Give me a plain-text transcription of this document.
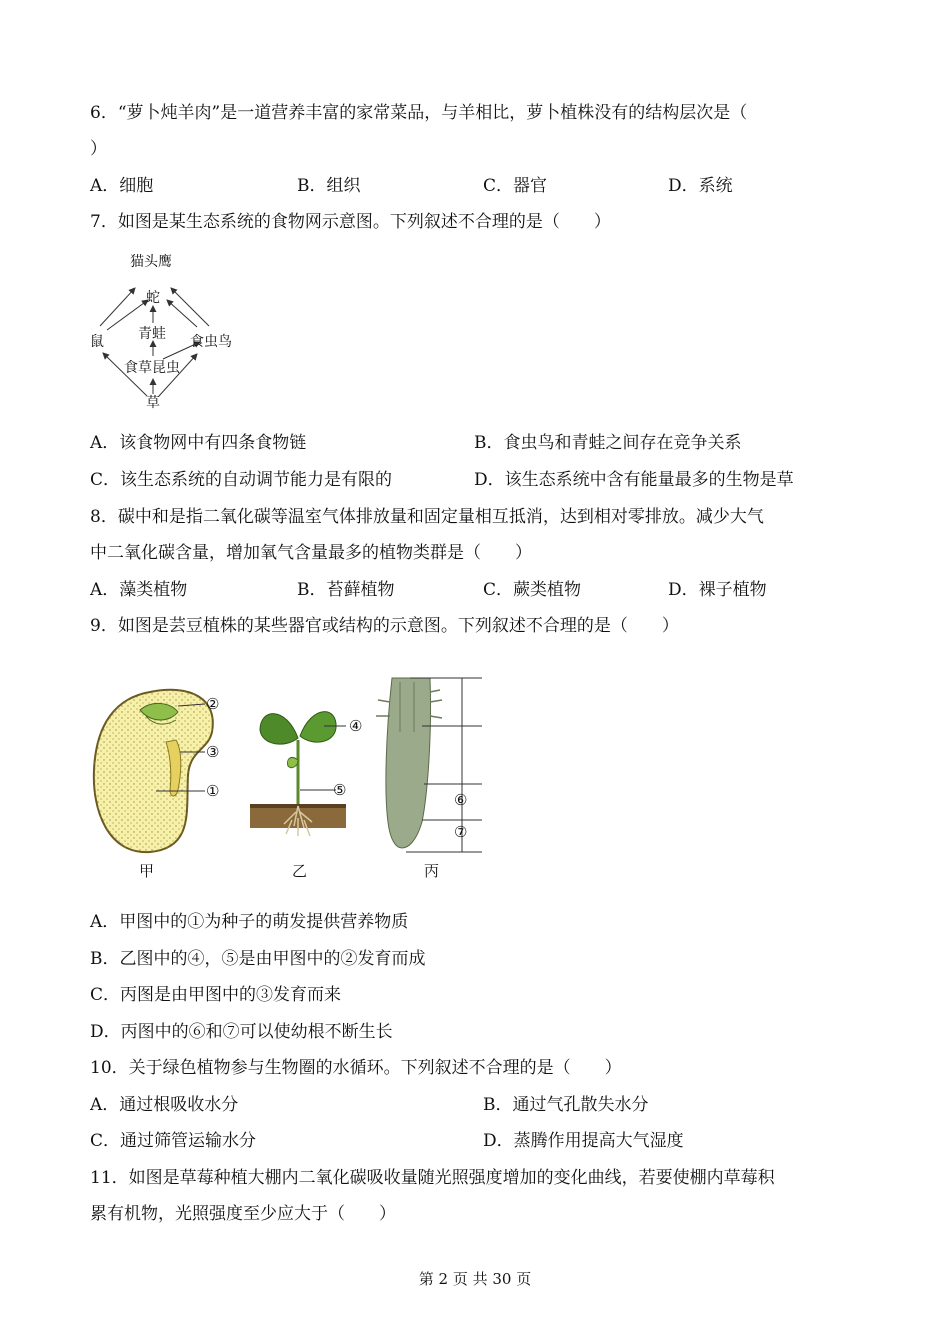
6．“萝卜炖羊肉”是一道营养丰富的家常菜品，与羊相比，萝卜植株没有的结构层次是（
）
A．细胞	B．组织	C．器官	D．系统
7．如图是某生态系统的食物网示意图。下列叙述不合理的是（　　）
猫头鹰
蛇
鼠 青蛙 食虫鸟
食草昆虫
草
A．该食物网中有四条食物链	B．食虫鸟和青蛙之间存在竞争关系
C．该生态系统的自动调节能力是有限的	D．该生态系统中含有能量最多的生物是草
8．碳中和是指二氧化碳等温室气体排放量和固定量相互抵消，达到相对零排放。减少大气
中二氧化碳含量，增加氧气含量最多的植物类群是（　　）
A．藻类植物	B．苔藓植物	C．蕨类植物	D．裸子植物
9．如图是芸豆植株的某些器官或结构的示意图。下列叙述不合理的是（　　）
②
③
①
甲
④
⑤
乙
⑥
⑦
丙
A．甲图中的①为种子的萌发提供营养物质
B．乙图中的④，⑤是由甲图中的②发育而成
C．丙图是由甲图中的③发育而来
D．丙图中的⑥和⑦可以使幼根不断生长
10．关于绿色植物参与生物圈的水循环。下列叙述不合理的是（　　）
A．通过根吸收水分	B．通过气孔散失水分
C．通过筛管运输水分	D．蒸腾作用提高大气湿度
11．如图是草莓种植大棚内二氧化碳吸收量随光照强度增加的变化曲线，若要使棚内草莓积
累有机物，光照强度至少应大于（　　）
第 2 页 共 30 页
